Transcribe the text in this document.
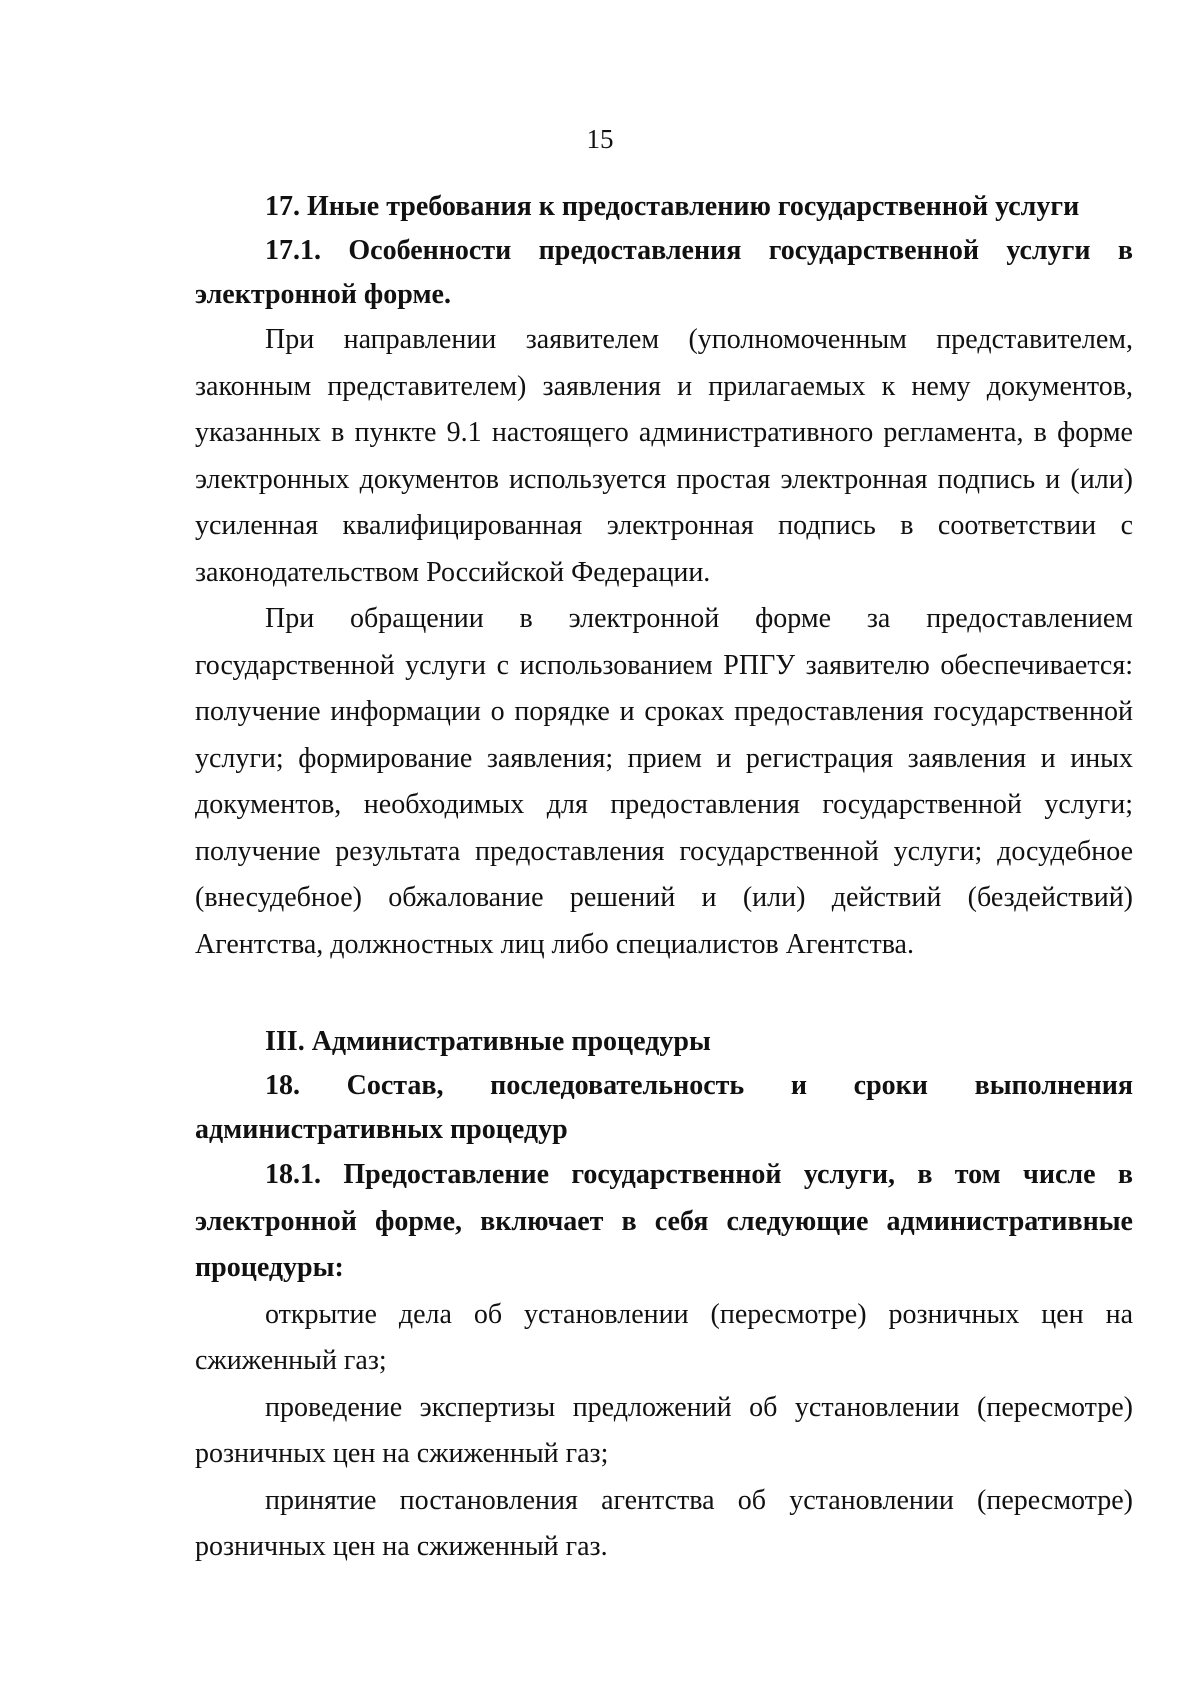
15

17. Иные требования к предоставлению государственной услуги

17.1. Особенности предоставления государственной услуги в электронной форме.

При направлении заявителем (уполномоченным представителем, законным представителем) заявления и прилагаемых к нему документов, указанных в пункте 9.1 настоящего административного регламента, в форме электронных документов используется простая электронная подпись и (или) усиленная квалифицированная электронная подпись в соответствии с законодательством Российской Федерации.

При обращении в электронной форме за предоставлением государственной услуги с использованием РПГУ заявителю обеспечивается: получение информации о порядке и сроках предоставления государственной услуги; формирование заявления; прием и регистрация заявления и иных документов, необходимых для предоставления государственной услуги; получение результата предоставления государственной услуги; досудебное (внесудебное) обжалование решений и (или) действий (бездействий) Агентства, должностных лиц либо специалистов Агентства.

III. Административные процедуры

18. Состав, последовательность и сроки выполнения административных процедур

18.1. Предоставление государственной услуги, в том числе в электронной форме, включает в себя следующие административные процедуры:

открытие дела об установлении (пересмотре) розничных цен на сжиженный газ;

проведение экспертизы предложений об установлении (пересмотре) розничных цен на сжиженный газ;

принятие постановления агентства об установлении (пересмотре) розничных цен на сжиженный газ.
